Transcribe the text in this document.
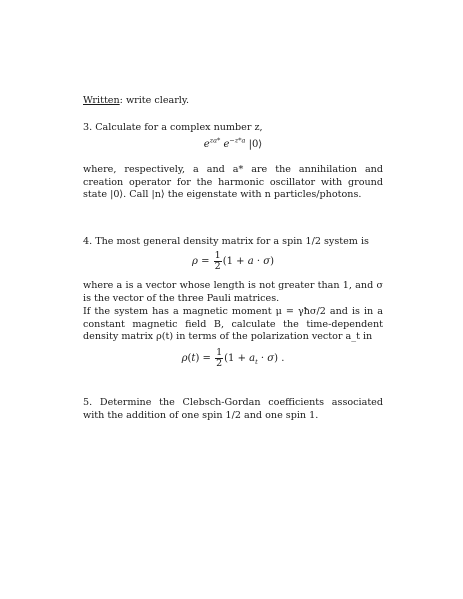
Written: write clearly.

3. Calculate for a complex number z,

$e^{za*}$ $e^{-z*a}$ |0⟩

where, respectively, a and a* are the annihilation and creation operator for the harmonic oscillator with ground state |0⟩. Call |n⟩ the eigenstate with n particles/photons.

4. The most general density matrix for a spin 1/2 system is

$\rho = \frac{1}{2} (1 + a \cdot \sigma)$

where a is a vector whose length is not greater than 1, and σ is the vector of the three Pauli matrices.

If the system has a magnetic moment μ = γħσ/2 and is in a constant magnetic field B, calculate the time-dependent density matrix ρ(t) in terms of the polarization vector a_t in

$\rho(t) = \frac{1}{2} (1 + a_t \cdot \sigma)$ .

5. Determine the Clebsch-Gordan coefficients associated with the addition of one spin 1/2 and one spin 1.
